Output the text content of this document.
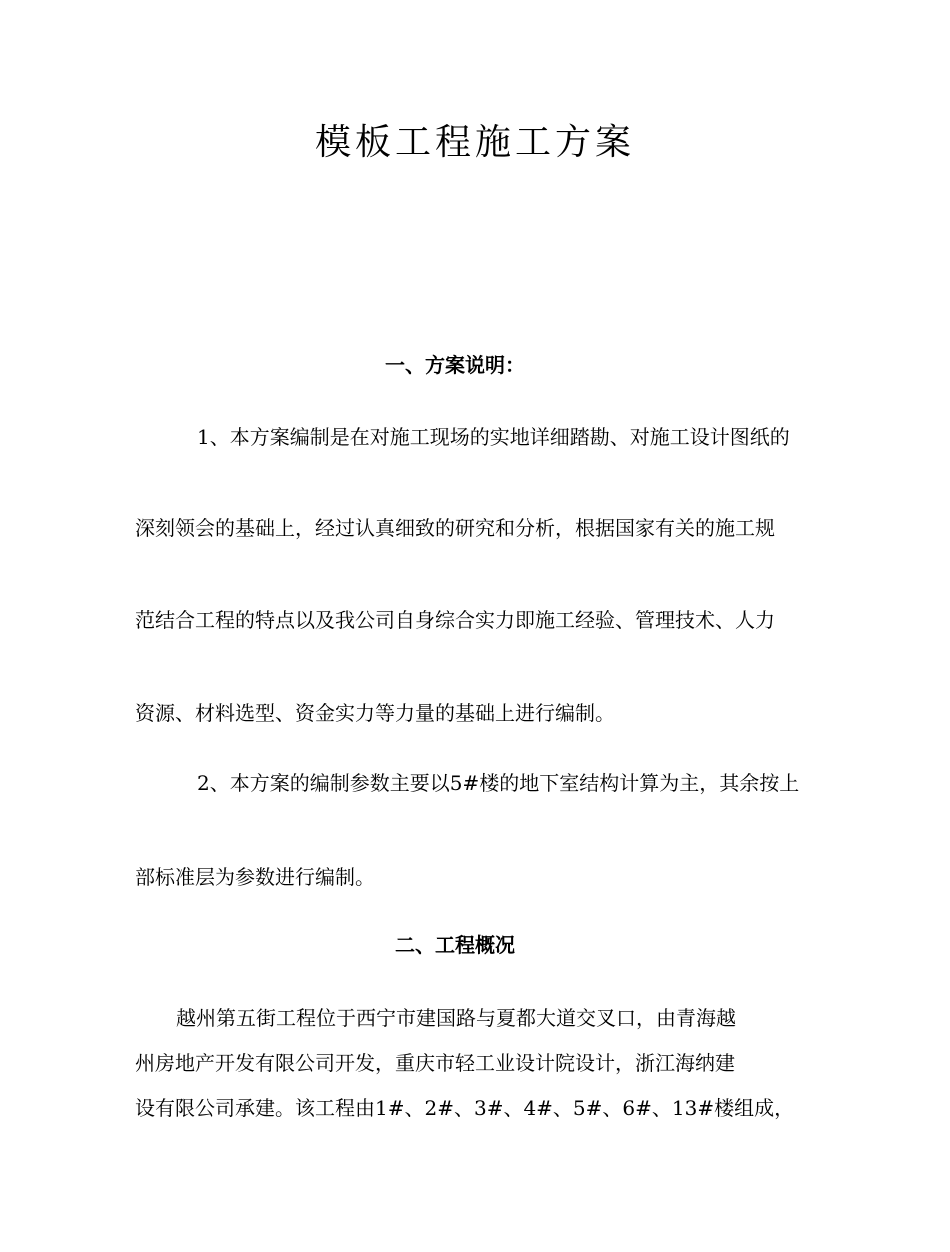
模板工程施工方案
一、方案说明：
1、本方案编制是在对施工现场的实地详细踏勘、对施工设计图纸的
深刻领会的基础上，经过认真细致的研究和分析，根据国家有关的施工规
范结合工程的特点以及我公司自身综合实力即施工经验、管理技术、人力
资源、材料选型、资金实力等力量的基础上进行编制。
2、本方案的编制参数主要以5#楼的地下室结构计算为主，其余按上
部标准层为参数进行编制。
二、工程概况
越州第五街工程位于西宁市建国路与夏都大道交叉口，由青海越
州房地产开发有限公司开发，重庆市轻工业设计院设计，浙江海纳建
设有限公司承建。该工程由1#、2#、3#、4#、5#、6#、13#楼组成，
